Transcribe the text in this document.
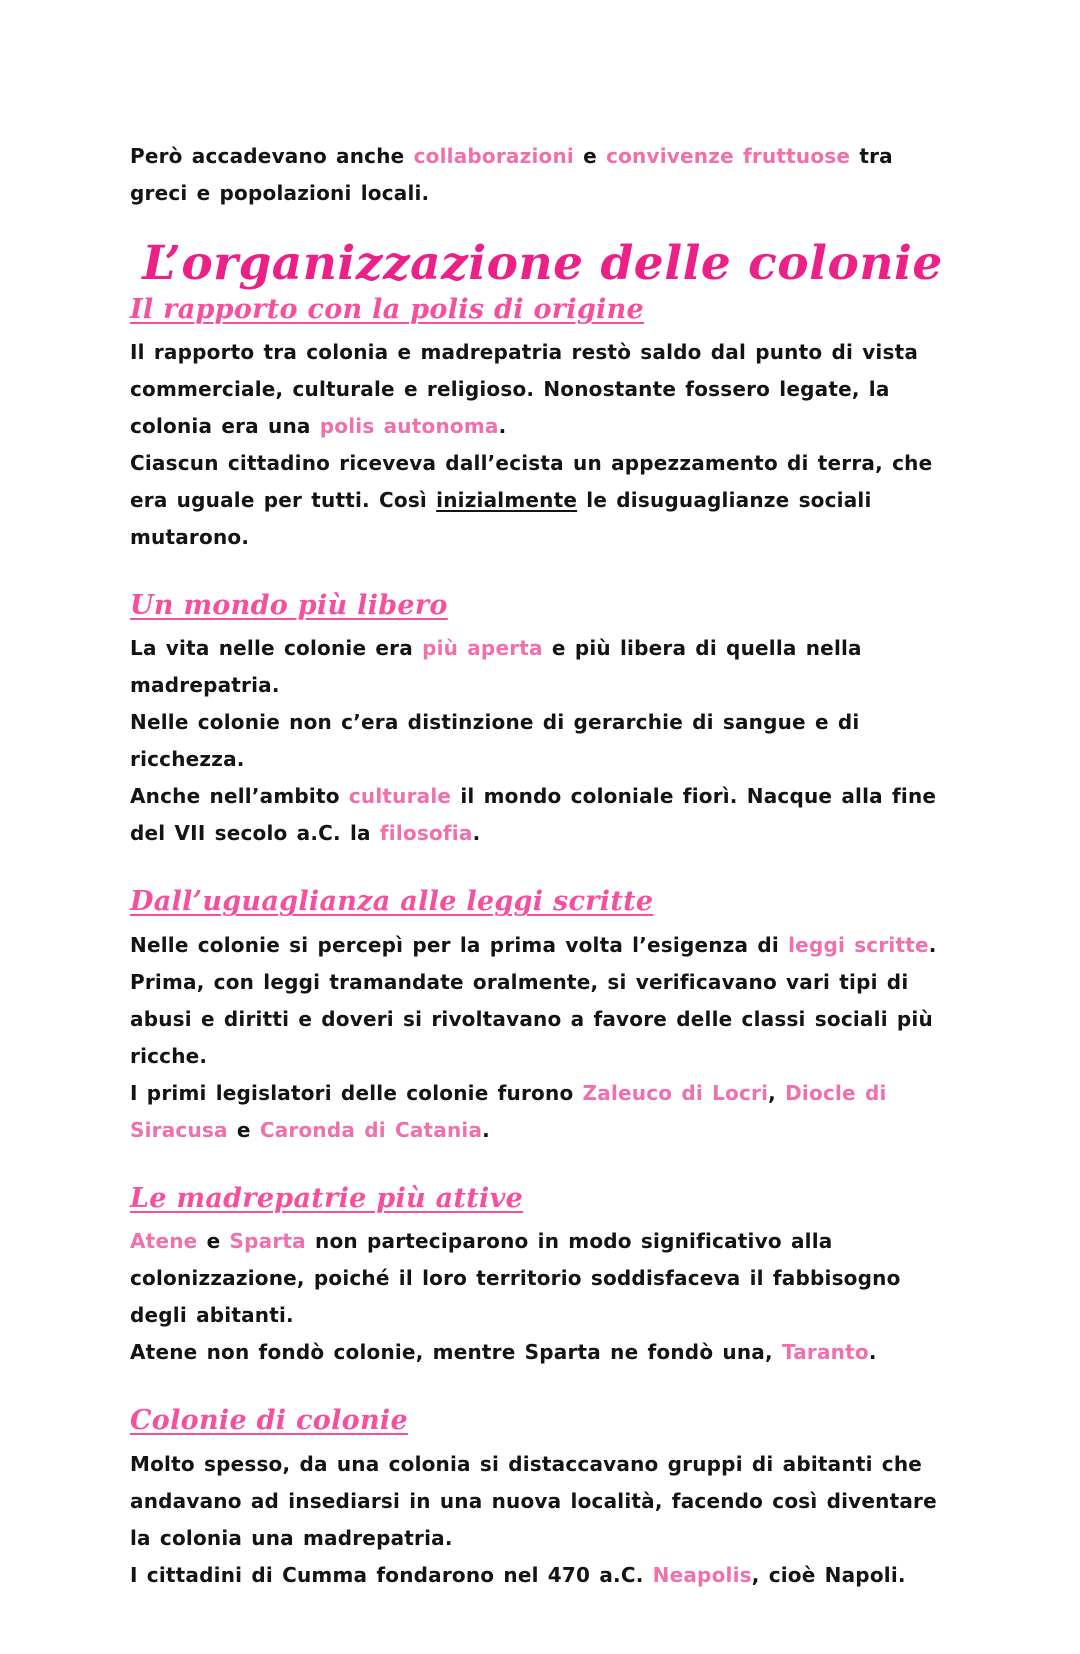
Però accadevano anche collaborazioni e convivenze fruttuose tra greci e popolazioni locali.

L’organizzazione delle colonie
Il rapporto con la polis di origine

Il rapporto tra colonia e madrepatria restò saldo dal punto di vista commerciale, culturale e religioso. Nonostante fossero legate, la colonia era una polis autonoma.

Ciascun cittadino riceveva dall’ecista un appezzamento di terra, che era uguale per tutti. Così inizialmente le disuguaglianze sociali mutarono.

Un mondo più libero

La vita nelle colonie era più aperta e più libera di quella nella madrepatria.

Nelle colonie non c’era distinzione di gerarchie di sangue e di ricchezza.

Anche nell’ambito culturale il mondo coloniale fiorì. Nacque alla fine del VII secolo a.C. la filosofia.

Dall’uguaglianza alle leggi scritte

Nelle colonie si percepì per la prima volta l’esigenza di leggi scritte. Prima, con leggi tramandate oralmente, si verificavano vari tipi di abusi e diritti e doveri si rivoltavano a favore delle classi sociali più ricche.

I primi legislatori delle colonie furono Zaleuco di Locri, Diocle di Siracusa e Caronda di Catania.

Le madrepatrie più attive

Atene e Sparta non parteciparono in modo significativo alla colonizzazione, poiché il loro territorio soddisfaceva il fabbisogno degli abitanti.

Atene non fondò colonie, mentre Sparta ne fondò una, Taranto.

Colonie di colonie

Molto spesso, da una colonia si distaccavano gruppi di abitanti che andavano ad insediarsi in una nuova località, facendo così diventare la colonia una madrepatria.

I cittadini di Cumma fondarono nel 470 a.C. Neapolis, cioè Napoli.
